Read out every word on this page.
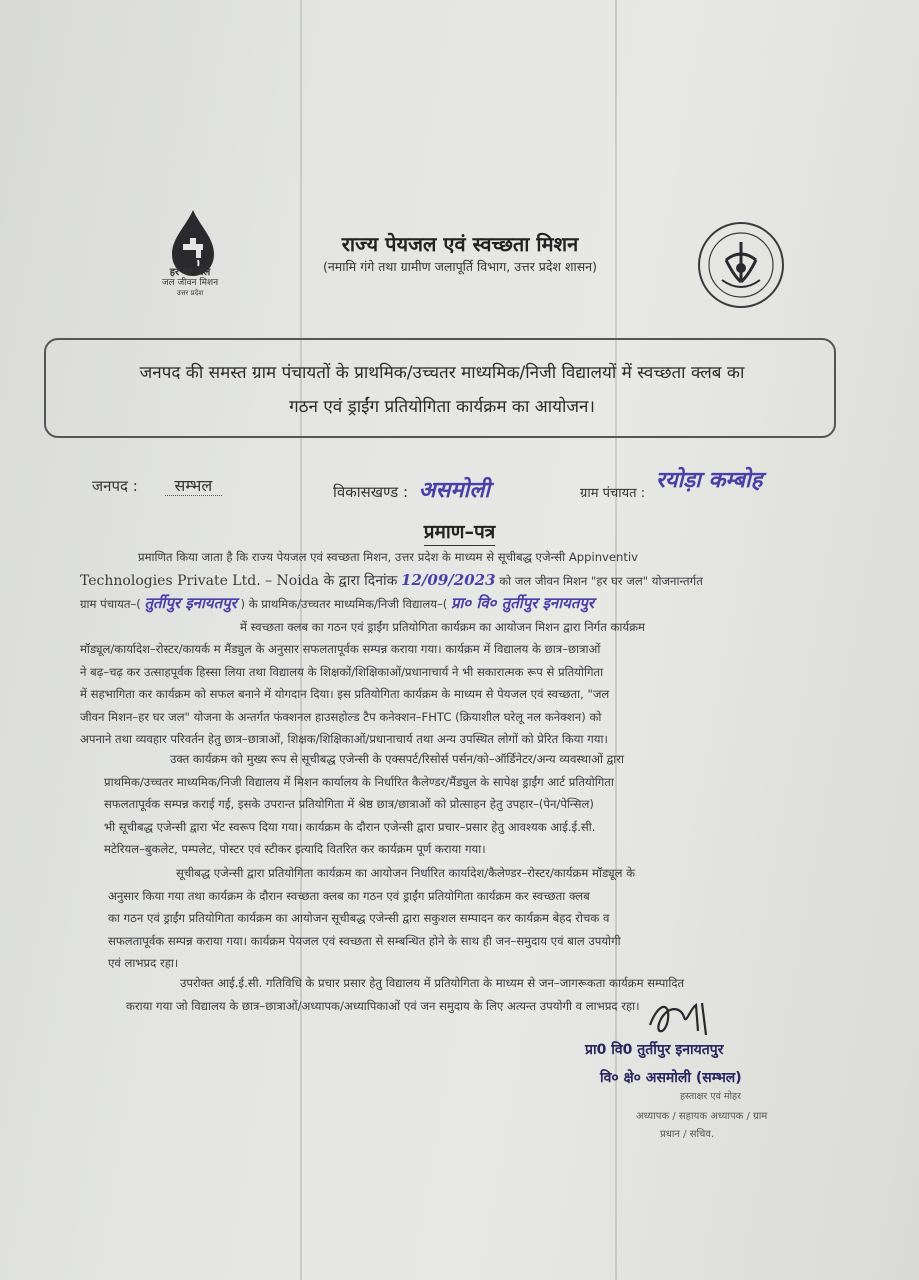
हर घर जल
जल जीवन मिशन
उत्तर प्रदेश
राज्य पेयजल एवं स्वच्छता मिशन
(नमामि गंगे तथा ग्रामीण जलापूर्ति विभाग, उत्तर प्रदेश शासन)
जनपद की समस्त ग्राम पंचायतों के प्राथमिक/उच्चतर माध्यमिक/निजी विद्यालयों में स्वच्छता क्लब का
गठन एवं ड्राईंग प्रतियोगिता कार्यक्रम का आयोजन।
जनपद : सम्भल	विकासखण्ड : असमोली	ग्राम पंचायत : रयोड़ा कम्बोह
प्रमाण–पत्र
प्रमाणित किया जाता है कि राज्य पेयजल एवं स्वच्छता मिशन, उत्तर प्रदेश के माध्यम से सूचीबद्ध एजेन्सी Appinventiv
Technologies Private Ltd. – Noida के द्वारा दिनांक 12/09/2023 को जल जीवन मिशन "हर घर जल" योजनान्तर्गत
ग्राम पंचायत–( तुर्तीपुर इनायतपुर ) के प्राथमिक/उच्चतर माध्यमिक/निजी विद्यालय–( प्रा० वि० तुर्तीपुर इनायतपुर
में स्वच्छता क्लब का गठन एवं ड्राईंग प्रतियोगिता कार्यक्रम का आयोजन मिशन द्वारा निर्गत कार्यक्रम
मॉड्यूल/कार्यादेश–रोस्टर/कायर्क म मैंड्युल के अनुसार सफलतापूर्वक सम्पन्न कराया गया। कार्यक्रम में विद्यालय के छात्र–छात्राओं
ने बढ़–चढ़ कर उत्साहपूर्वक हिस्सा लिया तथा विद्यालय के शिक्षकों/शिक्षिकाओं/प्रधानाचार्य ने भी सकारात्मक रूप से प्रतियोगिता
में सहभागिता कर कार्यक्रम को सफल बनाने में योगदान दिया। इस प्रतियोगिता कार्यक्रम के माध्यम से पेयजल एवं स्वच्छता, "जल
जीवन मिशन–हर घर जल" योजना के अन्तर्गत फंक्शनल हाउसहोल्ड टैप कनेक्शन–FHTC (क्रियाशील घरेलू नल कनेक्शन) को
अपनाने तथा व्यवहार परिवर्तन हेतु छात्र–छात्राओं, शिक्षक/शिक्षिकाओं/प्रधानाचार्य तथा अन्य उपस्थित लोगों को प्रेरित किया गया।
उक्त कार्यक्रम को मुख्य रूप से सूचीबद्ध एजेन्सी के एक्सपर्ट/रिसोर्स पर्सन/को–ऑर्डिनेटर/अन्य व्यवस्थाओं द्वारा
प्राथमिक/उच्चतर माध्यमिक/निजी विद्यालय में मिशन कार्यालय के निर्धारित कैलेण्डर/मैंड्युल के सापेक्ष ड्राईंग आर्ट प्रतियोगिता
सफलतापूर्वक सम्पन्न कराई गई, इसके उपरान्त प्रतियोगिता में श्रेष्ठ छात्र/छात्राओं को प्रोत्साहन हेतु उपहार–(पेन/पेन्सिल)
भी सूचीबद्ध एजेन्सी द्वारा भेंट स्वरूप दिया गया। कार्यक्रम के दौरान एजेन्सी द्वारा प्रचार–प्रसार हेतु आवश्यक आई.ई.सी.
मटेरियल–बुकलेट, पम्पलेट, पोस्टर एवं स्टीकर इत्यादि वितरित कर कार्यक्रम पूर्ण कराया गया।
सूचीबद्ध एजेन्सी द्वारा प्रतियोगिता कार्यक्रम का आयोजन निर्धारित कार्यादेश/कैलेण्डर–रोस्टर/कार्यक्रम मॉड्यूल के
अनुसार किया गया तथा कार्यक्रम के दौरान स्वच्छता क्लब का गठन एवं ड्राईंग प्रतियोगिता कार्यक्रम कर स्वच्छता क्लब
का गठन एवं ड्राईंग प्रतियोगिता कार्यक्रम का आयोजन सूचीबद्ध एजेन्सी द्वारा सकुशल सम्पादन कर कार्यक्रम बेहद रोचक व
सफलतापूर्वक सम्पन्न कराया गया। कार्यक्रम पेयजल एवं स्वच्छता से सम्बन्धित होने के साथ ही जन–समुदाय एवं बाल उपयोगी
एवं लाभप्रद रहा।
उपरोक्त आई.ई.सी. गतिविधि के प्रचार प्रसार हेतु विद्यालय में प्रतियोगिता के माध्यम से जन–जागरूकता कार्यक्रम सम्पादित
कराया गया जो विद्यालय के छात्र–छात्राओं/अध्यापक/अध्यापिकाओं एवं जन समुदाय के लिए अत्यन्त उपयोगी व लाभप्रद रहा।
प्रा0 वि0 तुर्तीपुर इनायतपुर
वि० क्षे० असमोली (सम्भल)
हस्ताक्षर एवं मोहर
अध्यापक / सहायक अध्यापक / ग्राम
प्रधान / सचिव.
